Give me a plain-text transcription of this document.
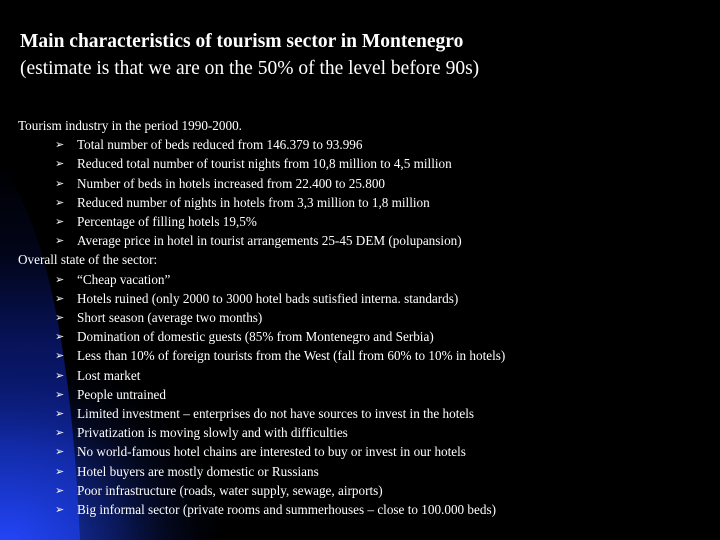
Main characteristics of tourism sector in Montenegro
(estimate is that we are on the 50% of the level before 90s)
Tourism industry in the period 1990-2000.
➢ Total number of beds reduced from 146.379 to 93.996
➢ Reduced total number of tourist nights from 10,8 million to 4,5 million
➢ Number of beds in hotels increased from 22.400 to 25.800
➢ Reduced number of nights in hotels from 3,3 million to 1,8 million
➢ Percentage of filling hotels 19,5%
➢ Average price in hotel in tourist arrangements 25-45 DEM (polupansion)
Overall state of the sector:
➢ “Cheap vacation”
➢ Hotels ruined (only 2000 to 3000 hotel bads sutisfied interna. standards)
➢ Short season (average two months)
➢ Domination of domestic guests (85% from Montenegro and Serbia)
➢ Less than 10% of foreign tourists from the West (fall from 60% to 10% in hotels)
➢ Lost market
➢ People untrained
➢ Limited investment – enterprises do not have sources to invest in the hotels
➢ Privatization is moving slowly and with difficulties
➢ No world-famous hotel chains are interested to buy or invest in our hotels
➢ Hotel buyers are mostly domestic or Russians
➢ Poor infrastructure (roads, water supply, sewage, airports)
➢ Big informal sector (private rooms and summerhouses – close to 100.000 beds)
